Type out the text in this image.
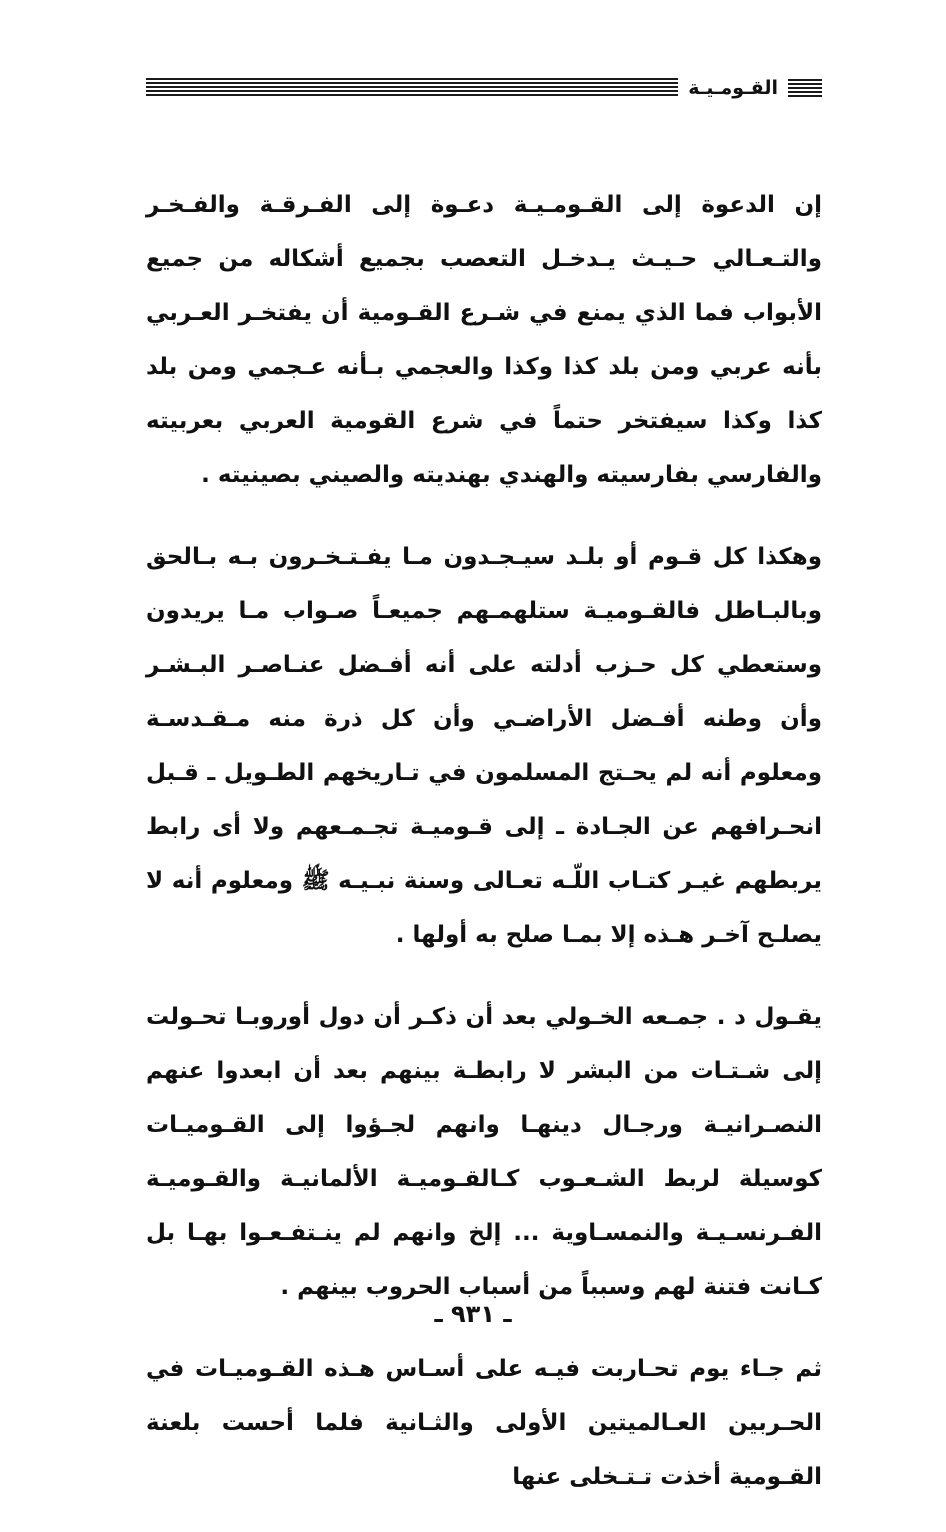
القـومـيـة

إن الدعوة إلى القـومـيـة دعـوة إلى الفـرقـة والفـخـر والتـعـالي حـيـث يـدخـل التعصب بجميع أشكاله من جميع الأبواب فما الذي يمنع في شـرع القـومية أن يفتخـر العـربي بأنه عربي ومن بلد كذا وكذا والعجمي بـأنه عـجمي ومن بلد كذا وكذا سيفتخر حتماً في شرع القومية العربي بعربيته والفارسي بفارسيته والهندي بهنديته والصيني بصينيته .

وهكذا كل قـوم أو بلـد سيـجـدون مـا يفـتـخـرون بـه بـالحق وبالبـاطل فالقـوميـة ستلهمـهم جميعـاً صـواب مـا يريدون وستعطي كل حـزب أدلته على أنه أفـضل عنـاصـر البـشـر وأن وطنه أفـضل الأراضـي وأن كل ذرة منه مـقـدسـة ومعلوم أنه لم يحـتج المسلمون في تـاريخهم الطـويل ـ قـبل انحـرافهم عن الجـادة ـ إلى قـوميـة تجـمـعهم ولا أى رابط يربطهم غيـر كتـاب اللّـه تعـالى وسنة نبـيـه ﷺ ومعلوم أنه لا يصلـح آخـر هـذه إلا بمـا صلح به أولها .

يقـول د . جمـعه الخـولي بعد أن ذكـر أن دول أوروبـا تحـولت إلى شـتـات من البشر لا رابطـة بينهم بعد أن ابعدوا عنهم النصـرانيـة ورجـال دينهـا وانهم لجـؤوا إلى القـوميـات كوسيلة لربط الشـعـوب كـالقـوميـة الألمانيـة والقـوميـة الفـرنسـيـة والنمسـاوية ... إلخ وانهم لم ينـتفـعـوا بهـا بل كـانت فتنة لهم وسبباً من أسباب الحروب بينهم .

ثم جـاء يوم تحـاربت فيـه على أسـاس هـذه القـوميـات في الحـربين العـالميتين الأولى والثـانية فلما أحست بلعنة القـومية أخذت تـتـخلى عنها

ـ ٩٣١ ـ
